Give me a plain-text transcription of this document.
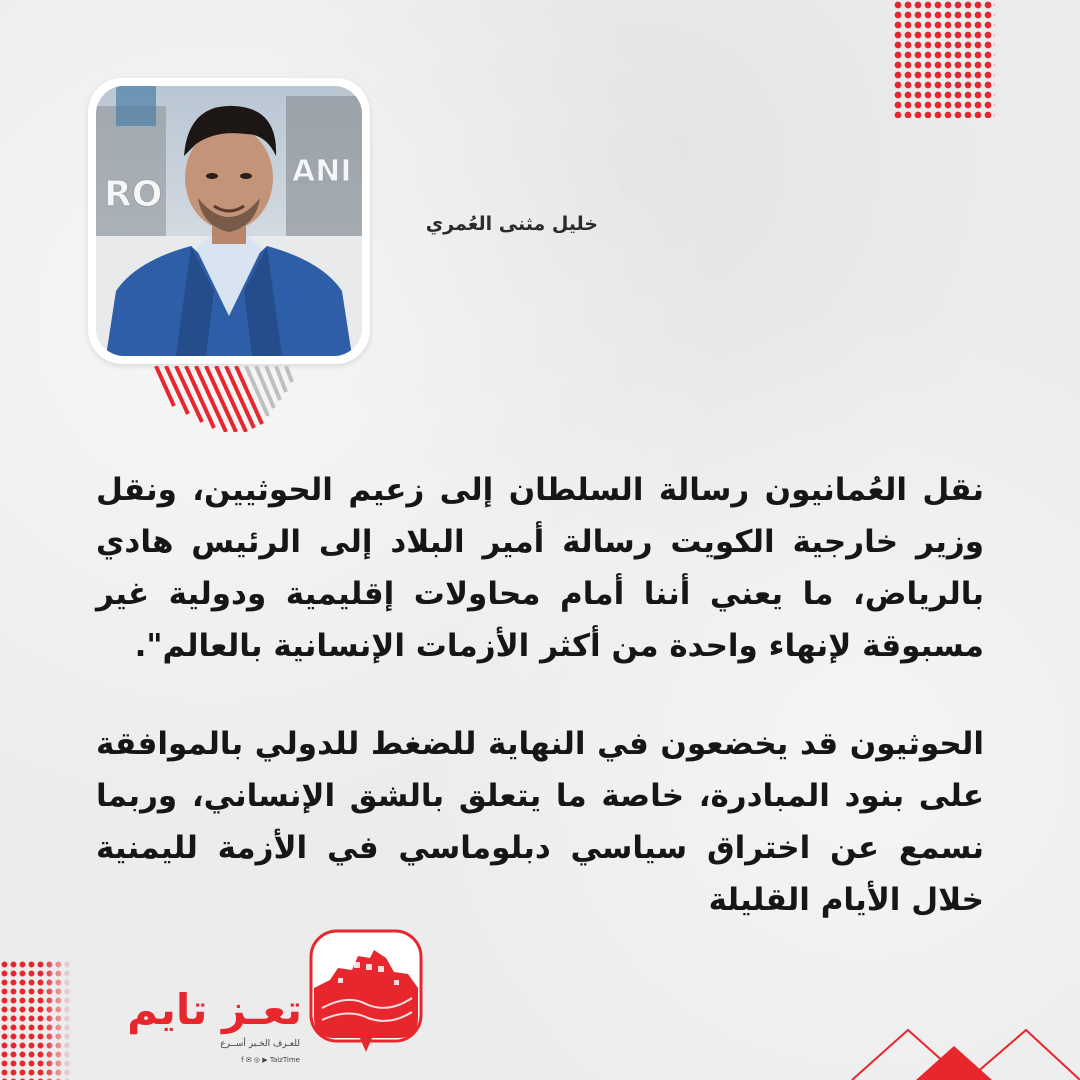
RO
ANI
خليل مثنى العُمري

نقل العُمانيون رسالة السلطان إلى زعيم الحوثيين، ونقل وزير خارجية الكويت رسالة أمير البلاد إلى الرئيس هادي بالرياض، ما يعني أننا أمام محاولات إقليمية ودولية غير مسبوقة لإنهاء واحدة من أكثر الأزمات الإنسانية بالعالم".

الحوثيون قد يخضعون في النهاية للضغط للدولي بالموافقة على بنود المبادرة، خاصة ما يتعلق بالشق الإنساني، وربما نسمع عن اختراق سياسي دبلوماسي في الأزمة لليمنية خلال الأيام القليلة

تعـز تايم
للعـرف الخـبر أســرع
f ✉ ◎ ▶ TaizTime
